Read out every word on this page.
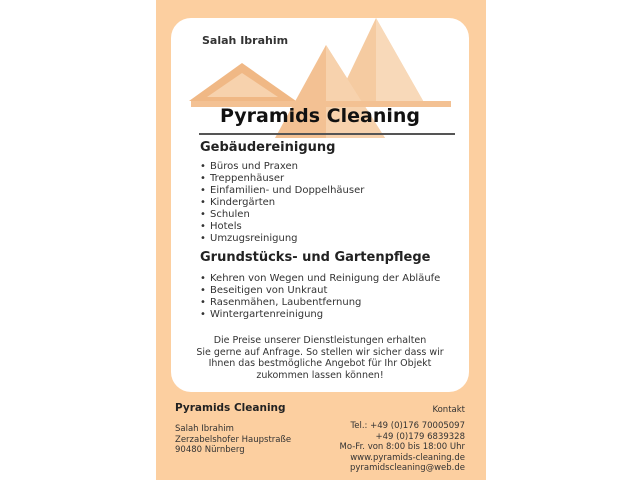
Salah Ibrahim
Pyramids Cleaning
Gebäudereinigung
• Büros und Praxen
• Treppenhäuser
• Einfamilien- und Doppelhäuser
• Kindergärten
• Schulen
• Hotels
• Umzugsreinigung
Grundstücks- und Gartenpflege
• Kehren von Wegen und Reinigung der Abläufe
• Beseitigen von Unkraut
• Rasenmähen, Laubentfernung
• Wintergartenreinigung
Die Preise unserer Dienstleistungen erhalten
Sie gerne auf Anfrage. So stellen wir sicher dass wir
Ihnen das bestmögliche Angebot für Ihr Objekt
zukommen lassen können!
Pyramids Cleaning	Kontakt
Salah Ibrahim
Zerzabelshofer Haupstraße
90480 Nürnberg
Tel.: +49 (0)176 70005097
+49 (0)179 6839328
Mo-Fr. von 8:00 bis 18:00 Uhr
www.pyramids-cleaning.de
pyramidscleaning@web.de
